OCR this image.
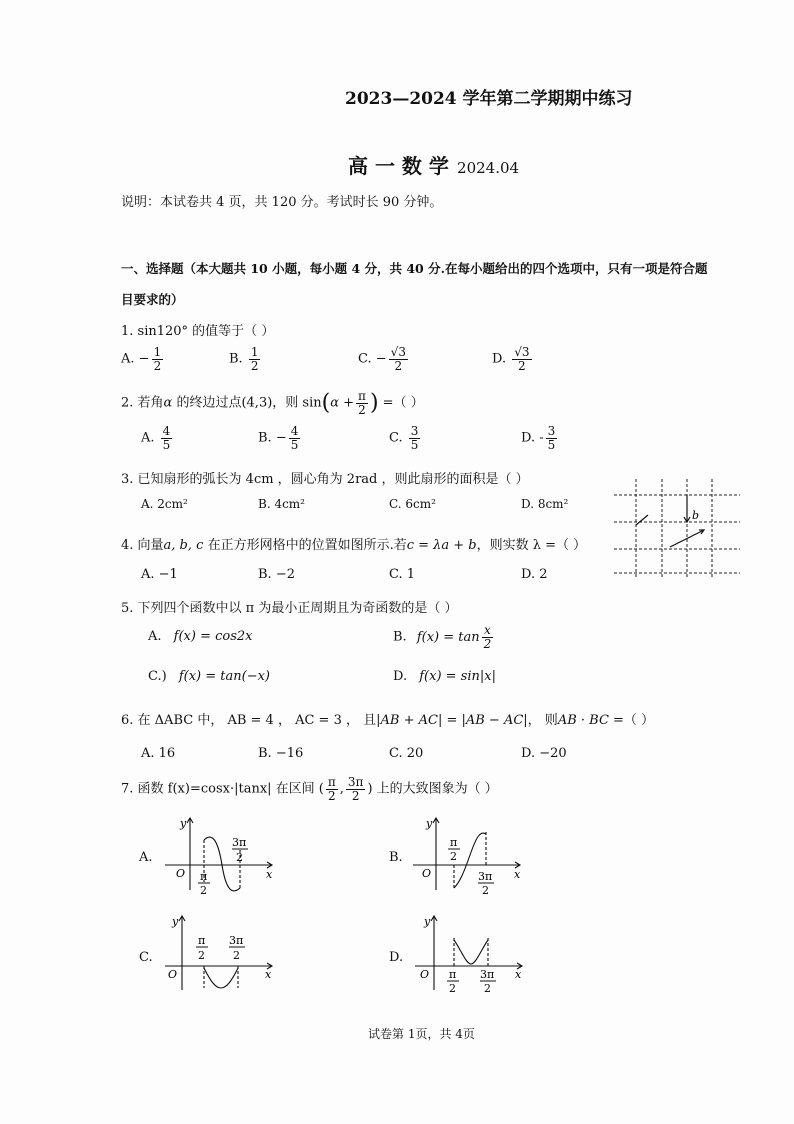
2023—2024 学年第二学期期中练习
高 一 数 学 2024.04
说明：本试卷共 4 页，共 120 分。考试时长 90 分钟。
一、选择题（本大题共 10 小题，每小题 4 分，共 40 分.在每小题给出的四个选项中，只有一项是符合题
目要求的）
1. sin120° 的值等于（ ）
A. − $\frac{1}{2}$	B. $\frac{1}{2}$	C. − $\frac{√3}{2}$	D. $\frac{√3}{2}$
2. 若角α 的终边过点(4,3)，则 $\sin(\alpha + \frac{\pi}{2}$ ) =（ ）
A. $\frac{4}{5}$	B. − $\frac{4}{5}$	C. $\frac{3}{5}$	D. - $\frac{3}{5}$
3. 已知扇形的弧长为 4cm ，圆心角为 2rad ，则此扇形的面积是（ ）
A. 2cm²	B. 4cm²	C. 6cm²	D. 8cm²
b
4. 向量a, b, c 在正方形网格中的位置如图所示.若c = λa + b，则实数 λ =（ ）
A. −1	B. −2	C. 1	D. 2
5. 下列四个函数中以 π 为最小正周期且为奇函数的是（ ）
A. f(x) = cos2x	B. $f(x) = \tan \frac{x}{2}$
C.) f(x) = tan(−x)	D. f(x) = sin|x|
6. 在 ΔABC 中， AB = 4 ， AC = 3 ， 且|AB + AC| = |AB − AC|， 则AB · BC =（ ）
A. 16	B. −16	C. 20	D. −20
7. 函数 f(x)=cosx·|tanx| 在区间 ( $\frac{\pi}{2}$ , $\frac{3\pi}{2}$ ) 上的大致图象为（ ）
A.
y
O	x
π
2
3π
2	B.
y
O	x
π
2
3π
2
C.
y
O	x
π
2
3π
2	D.
y
O	x
π
2
3π
2
试卷第 1页，共 4页
